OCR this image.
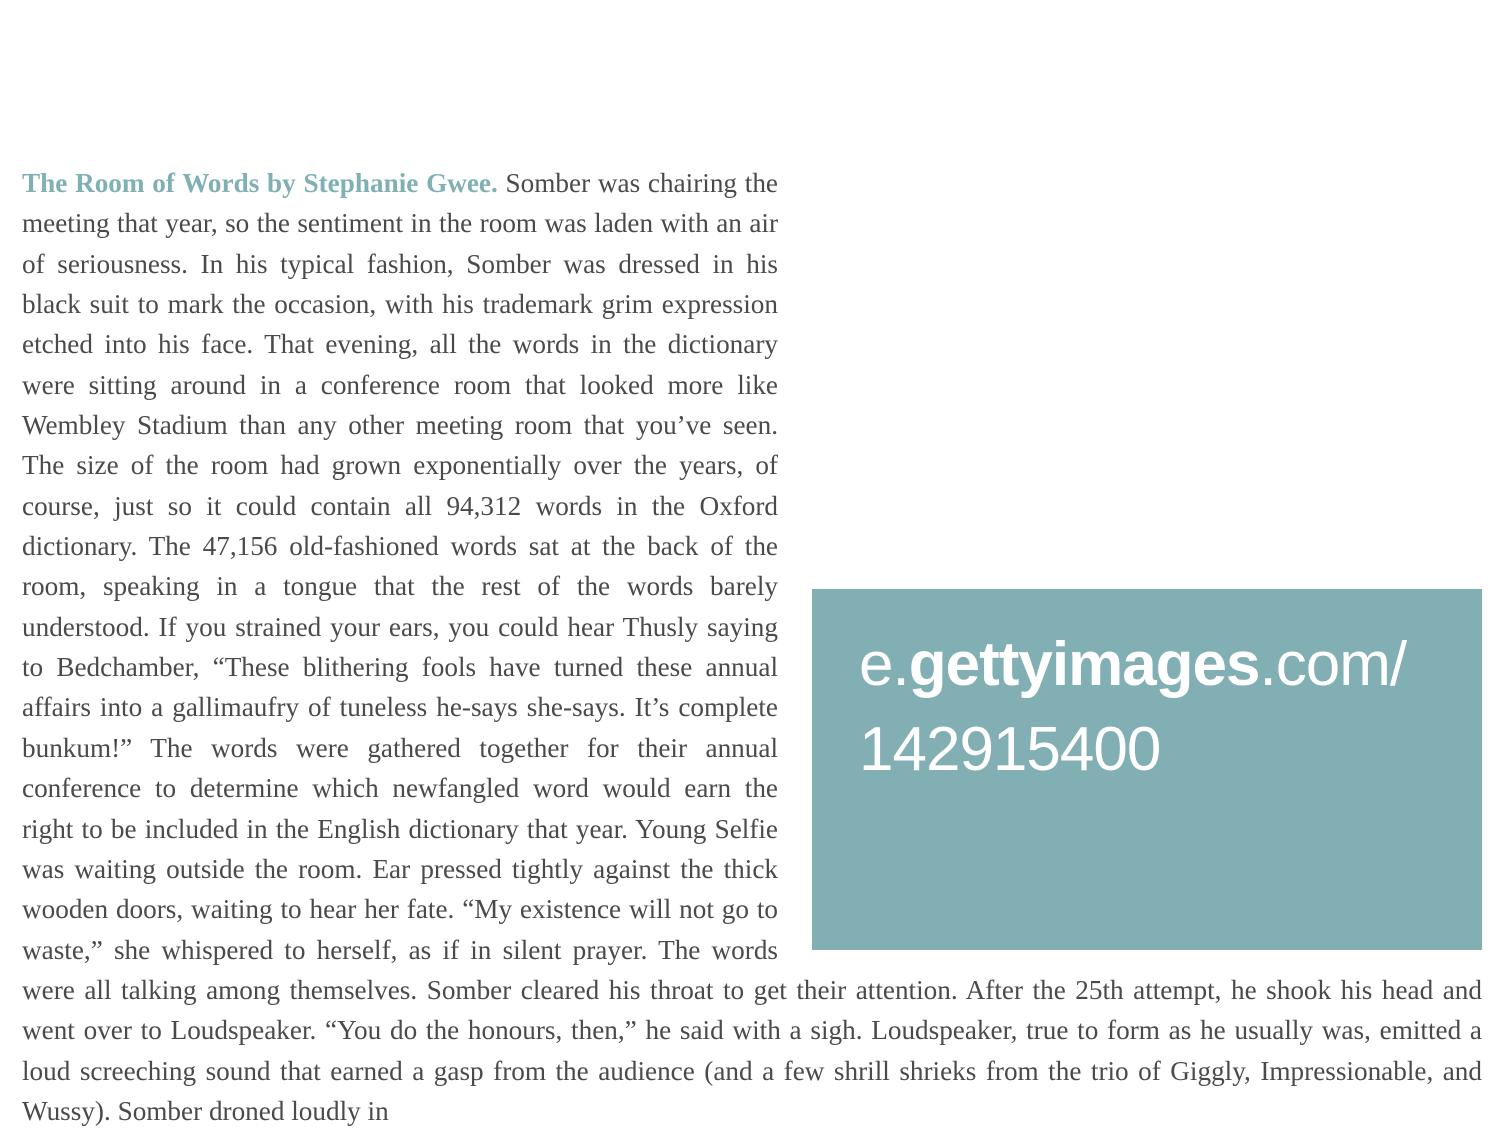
e.gettyimages.com/
142915400

The Room of Words by Stephanie Gwee. Somber was chairing the meeting that year, so the sentiment in the room was laden with an air of seriousness. In his typical fashion, Somber was dressed in his black suit to mark the occasion, with his trademark grim expression etched into his face. That evening, all the words in the dictionary were sitting around in a conference room that looked more like Wembley Stadium than any other meeting room that you’ve seen. The size of the room had grown exponentially over the years, of course, just so it could contain all 94,312 words in the Oxford dictionary. The 47,156 old-fashioned words sat at the back of the room, speaking in a tongue that the rest of the words barely understood. If you strained your ears, you could hear Thusly saying to Bedchamber, “These blithering fools have turned these annual affairs into a gallimaufry of tuneless he-says she-says. It’s complete bunkum!” The words were gathered together for their annual conference to determine which newfangled word would earn the right to be included in the English dictionary that year. Young Selfie was waiting outside the room. Ear pressed tightly against the thick wooden doors, waiting to hear her fate. “My existence will not go to waste,” she whispered to herself, as if in silent prayer. The words were all talking among themselves. Somber cleared his throat to get their attention. After the 25th attempt, he shook his head and went over to Loudspeaker. “You do the honours, then,” he said with a sigh. Loudspeaker, true to form as he usually was, emitted a loud screeching sound that earned a gasp from the audience (and a few shrill shrieks from the trio of Giggly, Impressionable, and Wussy). Somber droned loudly in
